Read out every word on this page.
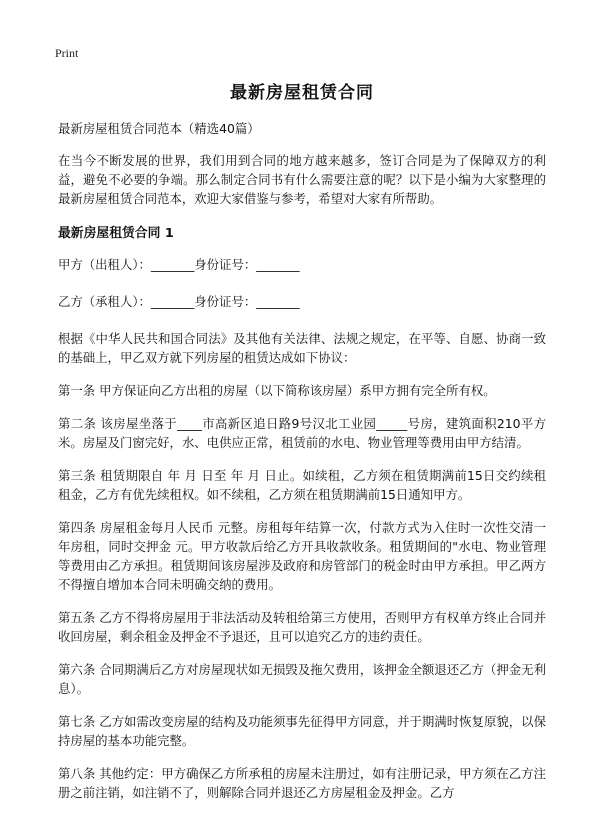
Print
最新房屋租赁合同
最新房屋租赁合同范本（精选40篇）
在当今不断发展的世界，我们用到合同的地方越来越多，签订合同是为了保障双方的利益，避免不必要的争端。那么制定合同书有什么需要注意的呢？以下是小编为大家整理的最新房屋租赁合同范本，欢迎大家借鉴与参考，希望对大家有所帮助。
最新房屋租赁合同 1
甲方（出租人）：_______身份证号：_______
乙方（承租人）：_______身份证号：_______
根据《中华人民共和国合同法》及其他有关法律、法规之规定，在平等、自愿、协商一致的基础上，甲乙双方就下列房屋的租赁达成如下协议：
第一条 甲方保证向乙方出租的房屋（以下简称该房屋）系甲方拥有完全所有权。
第二条 该房屋坐落于____市高新区追日路9号汉北工业园_____号房，建筑面积210平方米。房屋及门窗完好，水、电供应正常，租赁前的水电、物业管理等费用由甲方结清。
第三条 租赁期限自 年 月 日至 年 月 日止。如续租，乙方须在租赁期满前15日交约续租租金，乙方有优先续租权。如不续租，乙方须在租赁期满前15日通知甲方。
第四条 房屋租金每月人民币 元整。房租每年结算一次，付款方式为入住时一次性交清一年房租，同时交押金 元。甲方收款后给乙方开具收款收条。租赁期间的"水电、物业管理等费用由乙方承担。租赁期间该房屋涉及政府和房管部门的税金时由甲方承担。甲乙两方不得擅自增加本合同未明确交纳的费用。
第五条 乙方不得将房屋用于非法活动及转租给第三方使用，否则甲方有权单方终止合同并收回房屋，剩余租金及押金不予退还，且可以追究乙方的违约责任。
第六条 合同期满后乙方对房屋现状如无损毁及拖欠费用，该押金全额退还乙方（押金无利息）。
第七条 乙方如需改变房屋的结构及功能须事先征得甲方同意，并于期满时恢复原貌，以保持房屋的基本功能完整。
第八条 其他约定：甲方确保乙方所承租的房屋未注册过，如有注册记录，甲方须在乙方注册之前注销，如注销不了，则解除合同并退还乙方房屋租金及押金。乙方
